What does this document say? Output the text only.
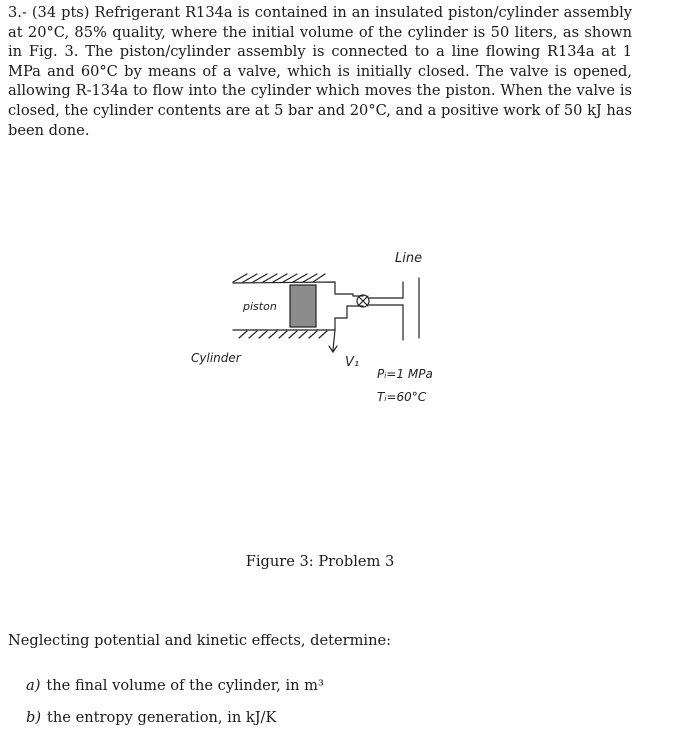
3.- (34 pts) Refrigerant R134a is contained in an insulated piston/cylinder assembly at 20°C, 85% quality, where the initial volume of the cylinder is 50 liters, as shown in Fig. 3. The piston/cylinder assembly is connected to a line flowing R134a at 1 MPa and 60°C by means of a valve, which is initially closed. The valve is opened, allowing R-134a to flow into the cylinder which moves the piston. When the valve is closed, the cylinder contents are at 5 bar and 20°C, and a positive work of 50 kJ has been done.

Line
piston
Cylinder	V₁
Pᵢ=1 MPa
Tᵢ=60°C
Figure 3: Problem 3

Neglecting potential and kinetic effects, determine:

a) the final volume of the cylinder, in m³

b) the entropy generation, in kJ/K
